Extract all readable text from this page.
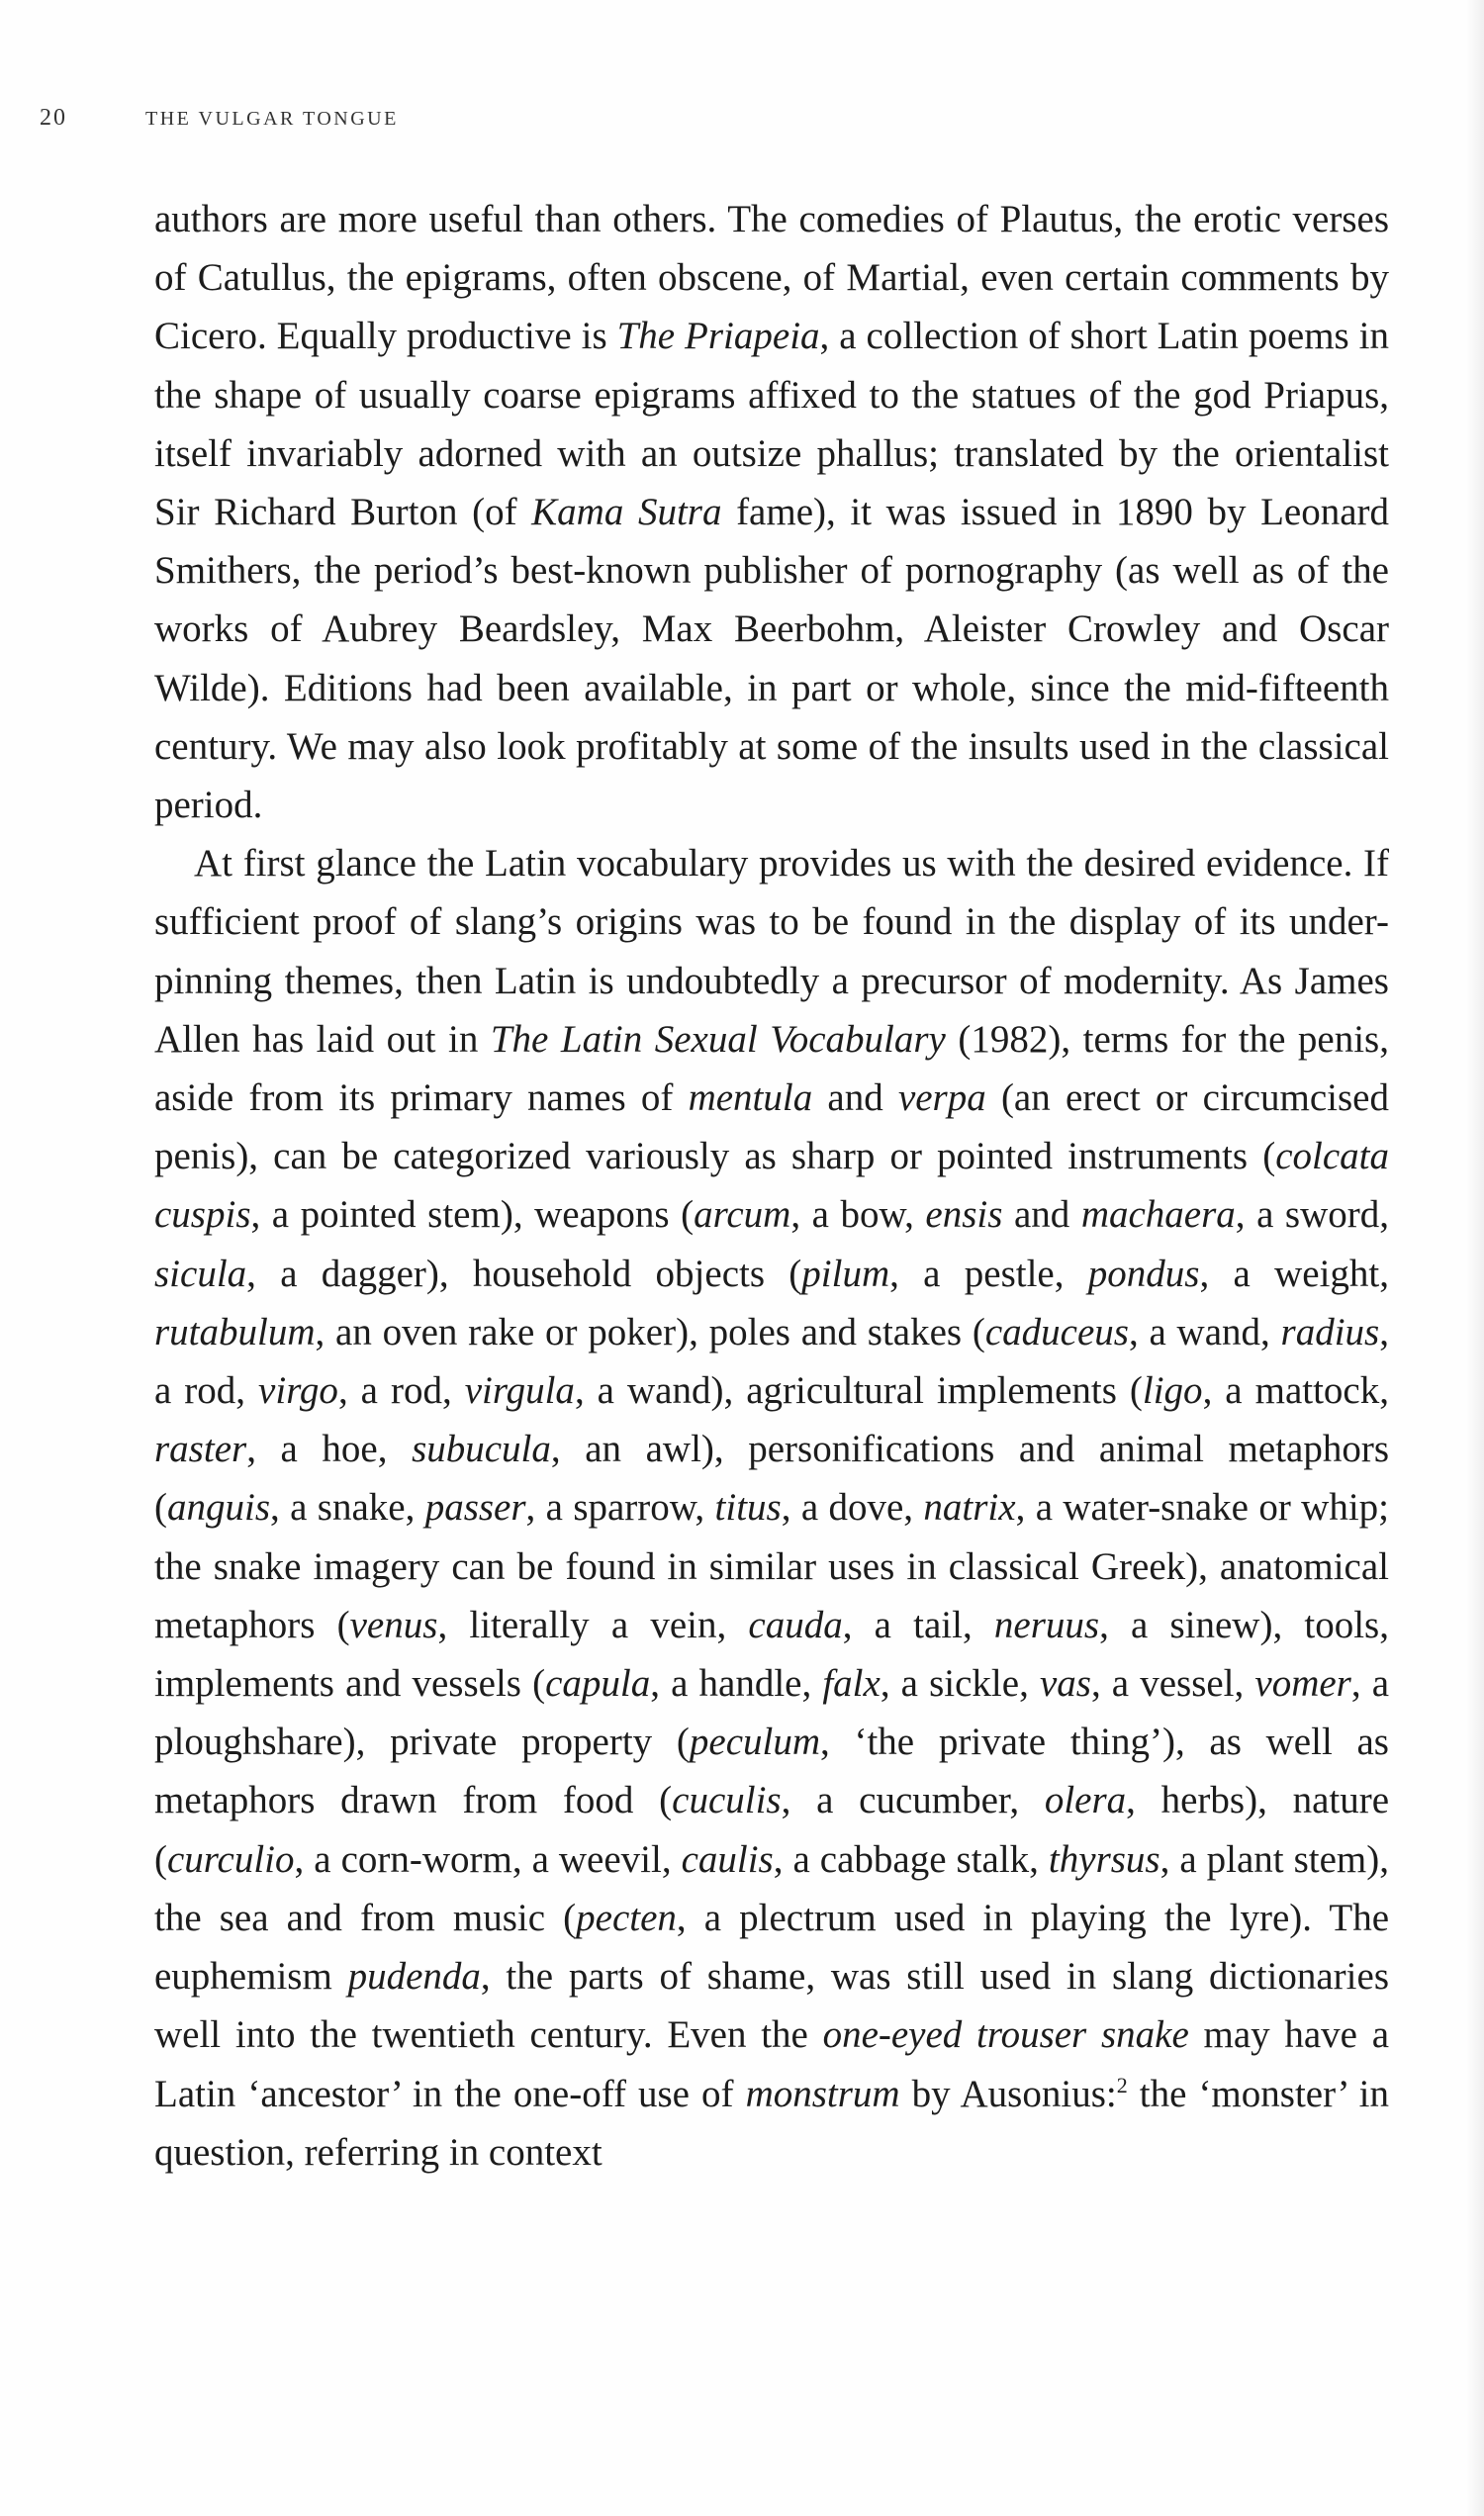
20	THE VULGAR TONGUE

authors are more useful than others. The comedies of Plautus, the erotic verses of Catullus, the epigrams, often obscene, of Martial, even certain comments by Cicero. Equally productive is The Priapeia, a collection of short Latin poems in the shape of usually coarse epigrams affixed to the statues of the god Priapus, itself invariably adorned with an outsize phallus; translated by the orientalist Sir Richard Burton (of Kama Sutra fame), it was issued in 1890 by Leonard Smithers, the period’s best-known publisher of pornography (as well as of the works of Aubrey Beardsley, Max Beerbohm, Aleister Crowley and Oscar Wilde). Editions had been available, in part or whole, since the mid-fifteenth century. We may also look profitably at some of the insults used in the classical period.

At first glance the Latin vocabulary provides us with the desired evidence. If sufficient proof of slang’s origins was to be found in the display of its under-pinning themes, then Latin is undoubtedly a precursor of modernity. As James Allen has laid out in The Latin Sexual Vocabulary (1982), terms for the penis, aside from its primary names of mentula and verpa (an erect or circumcised penis), can be categorized variously as sharp or pointed instruments (colcata cuspis, a pointed stem), weapons (arcum, a bow, ensis and machaera, a sword, sicula, a dagger), household objects (pilum, a pestle, pondus, a weight, rutabulum, an oven rake or poker), poles and stakes (caduceus, a wand, radius, a rod, virgo, a rod, virgula, a wand), agricultural implements (ligo, a mattock, raster, a hoe, subucula, an awl), personifications and animal metaphors (anguis, a snake, passer, a sparrow, titus, a dove, natrix, a water-snake or whip; the snake imagery can be found in similar uses in classical Greek), anatomical metaphors (venus, literally a vein, cauda, a tail, neruus, a sinew), tools, implements and vessels (capula, a handle, falx, a sickle, vas, a vessel, vomer, a ploughshare), private property (peculum, ‘the private thing’), as well as metaphors drawn from food (cuculis, a cucumber, olera, herbs), nature (curculio, a corn-worm, a weevil, caulis, a cabbage stalk, thyrsus, a plant stem), the sea and from music (pecten, a plectrum used in playing the lyre). The euphemism pudenda, the parts of shame, was still used in slang dictionaries well into the twentieth century. Even the one-eyed trouser snake may have a Latin ‘ancestor’ in the one-off use of monstrum by Ausonius:$^2$ the ‘monster’ in question, referring in context
